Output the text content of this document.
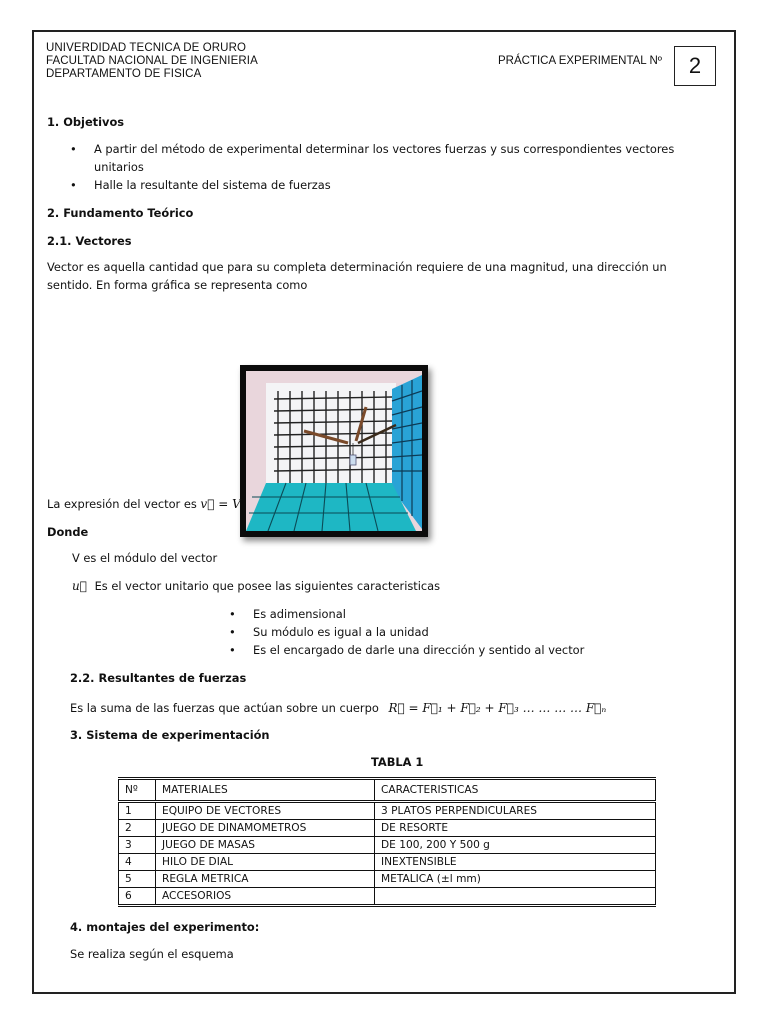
UNIVERDIDAD TECNICA DE ORURO
FACULTAD NACIONAL DE INGENIERIA
DEPARTAMENTO DE FISICA
PRÁCTICA EXPERIMENTAL Nº 2
1. Objetivos
• A partir del método de experimental determinar los vectores fuerzas y sus correspondientes vectores
unitarios
• Halle la resultante del sistema de fuerzas
2. Fundamento Teórico
2.1. Vectores
Vector es aquella cantidad que para su completa determinación requiere de una magnitud, una dirección un
sentido. En forma gráfica se representa como
La expresión del vector es v⃗ = V
Donde
V es el módulo del vector
u⃗ Es el vector unitario que posee las siguientes caracteristicas
• Es adimensional
• Su módulo es igual a la unidad
• Es el encargado de darle una dirección y sentido al vector
2.2. Resultantes de fuerzas
Es la suma de las fuerzas que actúan sobre un cuerpo R⃗ = F⃗₁ + F⃗₂ + F⃗₃ … … … … F⃗ₙ
3. Sistema de experimentación
TABLA 1
Nº	MATERIALES	CARACTERISTICAS
1	EQUIPO DE VECTORES	3 PLATOS PERPENDICULARES
2	JUEGO DE DINAMOMETROS	DE RESORTE
3	JUEGO DE MASAS	DE 100, 200 Y 500 g
4	HILO DE DIAL	INEXTENSIBLE
5	REGLA METRICA	METALICA (±l mm)
6	ACCESORIOS	
4. montajes del experimento:
Se realiza según el esquema
